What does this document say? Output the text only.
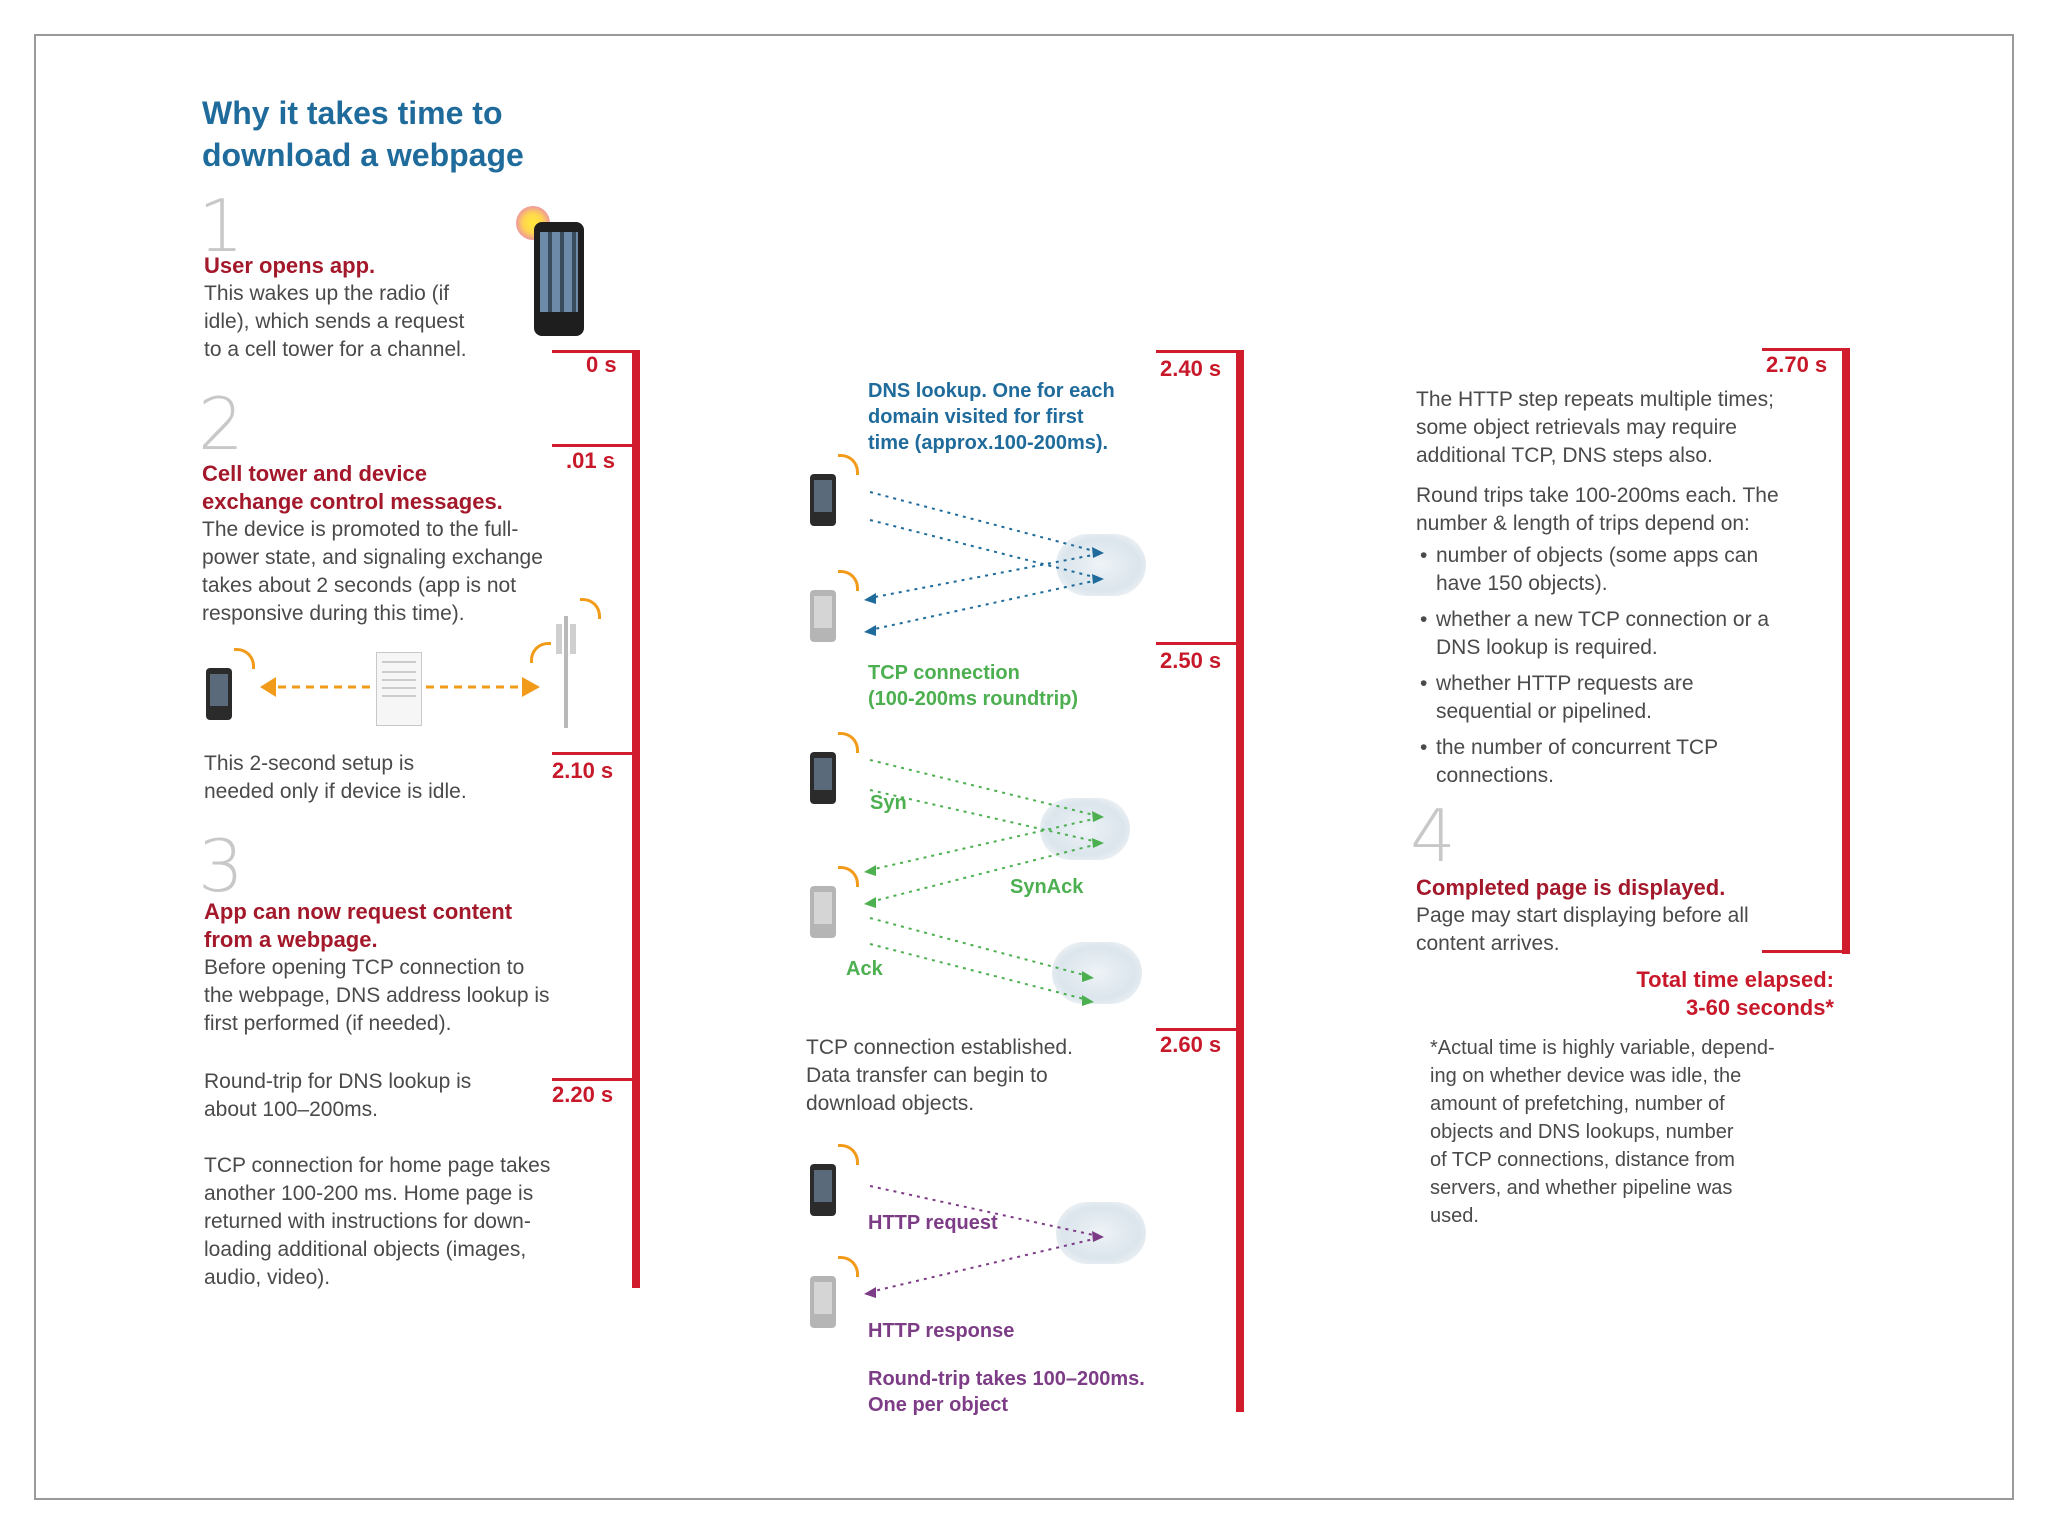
Why it takes time to
download a webpage
1
User opens app.
This wakes up the radio (if
idle), which sends a request
to a cell tower for a channel.
2
Cell tower and device
exchange control messages.
The device is promoted to the full-
power state, and signaling exchange
takes about 2 seconds (app is not
responsive during this time).
This 2-second setup is
needed only if device is idle.
3
App can now request content
from a webpage.
Before opening TCP connection to
the webpage, DNS address lookup is
first performed (if needed).
Round-trip for DNS lookup is
about 100–200ms.
TCP connection for home page takes
another 100-200 ms. Home page is
returned with instructions for down-
loading additional objects (images,
audio, video).
0 s
.01 s
2.10 s
2.20 s
2.40 s
2.50 s
2.60 s
DNS lookup. One for each
domain visited for first
time (approx.100-200ms).
TCP connection
(100-200ms roundtrip)
Syn
SynAck
Ack
TCP connection established.
Data transfer can begin to
download objects.
HTTP request
HTTP response
Round-trip takes 100–200ms.
One per object
2.70 s
The HTTP step repeats multiple times;
some object retrievals may require
additional TCP, DNS steps also.
Round trips take 100-200ms each. The
number & length of trips depend on:
• number of objects (some apps can
have 150 objects).
• whether a new TCP connection or a
DNS lookup is required.
• whether HTTP requests are
sequential or pipelined.
• the number of concurrent TCP
connections.
4
Completed page is displayed.
Page may start displaying before all
content arrives.
Total time elapsed:
3-60 seconds*
*Actual time is highly variable, depend-
ing on whether device was idle, the
amount of prefetching, number of
objects and DNS lookups, number
of TCP connections, distance from
servers, and whether pipeline was
used.
